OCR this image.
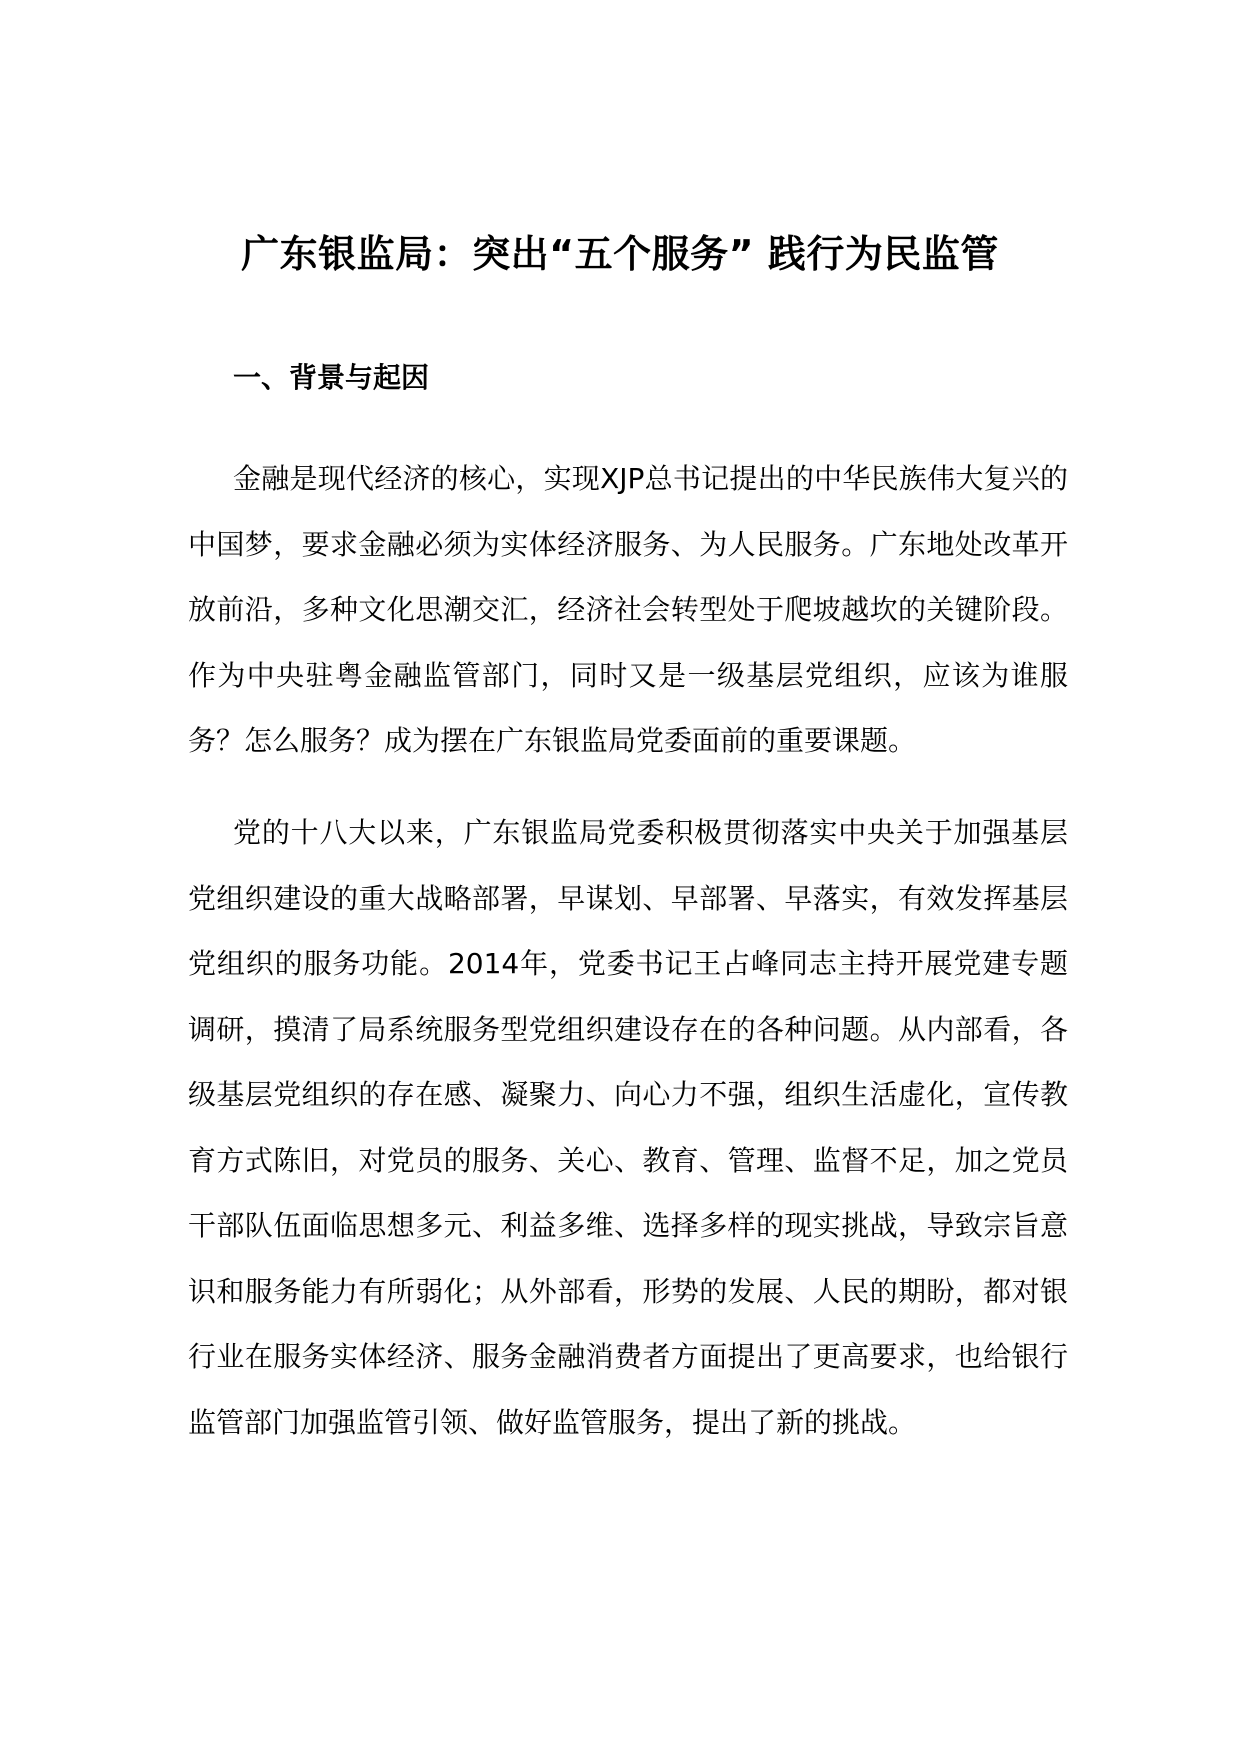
广东银监局：突出“五个服务” 践行为民监管
一、背景与起因

金融是现代经济的核心，实现XJP总书记提出的中华民族伟大复兴的中国梦，要求金融必须为实体经济服务、为人民服务。广东地处改革开放前沿，多种文化思潮交汇，经济社会转型处于爬坡越坎的关键阶段。作为中央驻粤金融监管部门，同时又是一级基层党组织，应该为谁服务？怎么服务？成为摆在广东银监局党委面前的重要课题。

党的十八大以来，广东银监局党委积极贯彻落实中央关于加强基层党组织建设的重大战略部署，早谋划、早部署、早落实，有效发挥基层党组织的服务功能。2014年，党委书记王占峰同志主持开展党建专题调研，摸清了局系统服务型党组织建设存在的各种问题。从内部看，各级基层党组织的存在感、凝聚力、向心力不强，组织生活虚化，宣传教育方式陈旧，对党员的服务、关心、教育、管理、监督不足，加之党员干部队伍面临思想多元、利益多维、选择多样的现实挑战，导致宗旨意识和服务能力有所弱化；从外部看，形势的发展、人民的期盼，都对银行业在服务实体经济、服务金融消费者方面提出了更高要求，也给银行监管部门加强监管引领、做好监管服务，提出了新的挑战。
